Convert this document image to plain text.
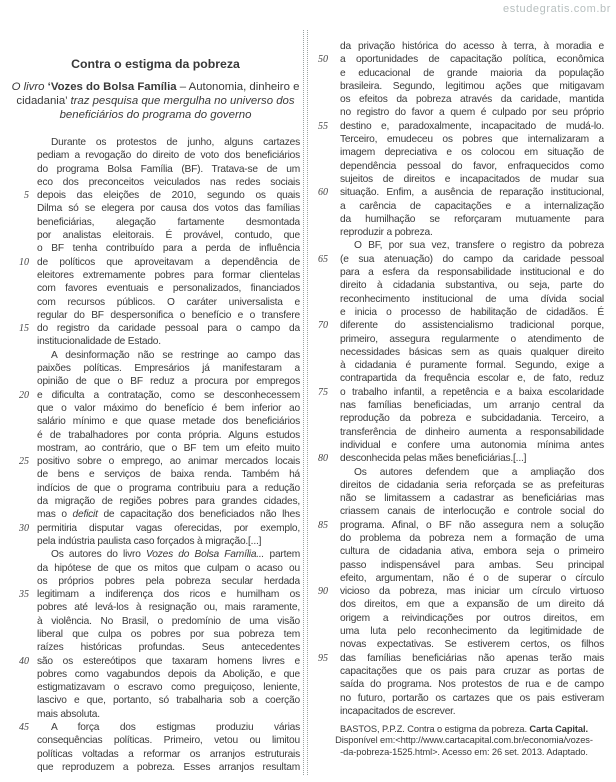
estudegratis.com.br
Contra o estigma da pobreza
O livro ‘Vozes do Bolsa Família – Autonomia, dinheiro e cidadania’ traz pesquisa que mergulha no universo dos beneficiários do programa do governo
Durante os protestos de junho, alguns cartazes
pediam a revogação do direito de voto dos beneficiários
do programa Bolsa Família (BF). Tratava-se de um
eco dos preconceitos veiculados nas redes sociais
5 depois das eleições de 2010, segundo os quais
Dilma só se elegera por causa dos votos das famílias
beneficiárias, alegação fartamente desmontada
por analistas eleitorais. É provável, contudo, que
o BF tenha contribuído para a perda de influência
10 de políticos que aproveitavam a dependência de
eleitores extremamente pobres para formar clientelas
com favores eventuais e personalizados, financiados
com recursos públicos. O caráter universalista e
regular do BF despersonifica o benefício e o transfere
15 do registro da caridade pessoal para o campo da
institucionalidade de Estado.
A desinformação não se restringe ao campo das
paixões políticas. Empresários já manifestaram a
opinião de que o BF reduz a procura por empregos
20 e dificulta a contratação, como se desconhecessem
que o valor máximo do benefício é bem inferior ao
salário mínimo e que quase metade dos beneficiários
é de trabalhadores por conta própria. Alguns estudos
mostram, ao contrário, que o BF tem um efeito muito
25 positivo sobre o emprego, ao animar mercados locais
de bens e serviços de baixa renda. Também há
indícios de que o programa contribuiu para a redução
da migração de regiões pobres para grandes cidades,
mas o deficit de capacitação dos beneficiados não lhes
30 permitiria disputar vagas oferecidas, por exemplo,
pela indústria paulista caso forçados à migração.[...]
Os autores do livro Vozes do Bolsa Família... partem
da hipótese de que os mitos que culpam o acaso ou
os próprios pobres pela pobreza secular herdada
35 legitimam a indiferença dos ricos e humilham os
pobres até levá-los à resignação ou, mais raramente,
à violência. No Brasil, o predomínio de uma visão
liberal que culpa os pobres por sua pobreza tem
raízes históricas profundas. Seus antecedentes
40 são os estereótipos que taxaram homens livres e
pobres como vagabundos depois da Abolição, e que
estigmatizavam o escravo como preguiçoso, leniente,
lascivo e que, portanto, só trabalharia sob a coerção
mais absoluta.
45	A força dos estigmas produziu várias
consequências políticas. Primeiro, vetou ou limitou
políticas voltadas a reformar os arranjos estruturais
que reproduzem a pobreza. Esses arranjos resultam
da privação histórica do acesso à terra, à moradia e
50	a oportunidades de capacitação política, econômica
e educacional de grande maioria da população
brasileira. Segundo, legitimou ações que mitigavam
os efeitos da pobreza através da caridade, mantida
no registro do favor a quem é culpado por seu próprio
55	destino e, paradoxalmente, incapacitado de mudá-lo.
Terceiro, emudeceu os pobres que internalizaram a
imagem depreciativa e os colocou em situação de
dependência pessoal do favor, enfraquecidos como
sujeitos de direitos e incapacitados de mudar sua
60	situação. Enfim, a ausência de reparação institucional,
a carência de capacitações e a internalização
da humilhação se reforçaram mutuamente para
reproduzir a pobreza.
O BF, por sua vez, transfere o registro da pobreza
65	(e sua atenuação) do campo da caridade pessoal
para a esfera da responsabilidade institucional e do
direito à cidadania substantiva, ou seja, parte do
reconhecimento institucional de uma dívida social
e inicia o processo de habilitação de cidadãos. É
70	diferente do assistencialismo tradicional porque,
primeiro, assegura regularmente o atendimento de
necessidades básicas sem as quais qualquer direito
à cidadania é puramente formal. Segundo, exige a
contrapartida da frequência escolar e, de fato, reduz
75	o trabalho infantil, a repetência e a baixa escolaridade
nas famílias beneficiadas, um arranjo central da
reprodução da pobreza e subcidadania. Terceiro, a
transferência de dinheiro aumenta a responsabilidade
individual e confere uma autonomia mínima antes
80	desconhecida pelas mães beneficiárias.[...]
Os autores defendem que a ampliação dos
direitos de cidadania seria reforçada se as prefeituras
não se limitassem a cadastrar as beneficiárias mas
criassem canais de interlocução e controle social do
85	programa. Afinal, o BF não assegura nem a solução
do problema da pobreza nem a formação de uma
cultura de cidadania ativa, embora seja o primeiro
passo indispensável para ambas. Seu principal
efeito, argumentam, não é o de superar o círculo
90	vicioso da pobreza, mas iniciar um círculo virtuoso
dos direitos, em que a expansão de um direito dá
origem a reivindicações por outros direitos, em
uma luta pelo reconhecimento da legitimidade de
novas expectativas. Se estiverem certos, os filhos
95	das famílias beneficiárias não apenas terão mais
capacitações que os pais para cruzar as portas de
saída do programa. Nos protestos de rua e de campo
no futuro, portarão os cartazes que os pais estiveram
incapacitados de escrever.
BASTOS, P.P.Z. Contra o estigma da pobreza. Carta Capital.
Disponível em:<http://www.cartacapital.com.br/economia/vozes-
-da-pobreza-1525.html>. Acesso em: 26 set. 2013. Adaptado.
